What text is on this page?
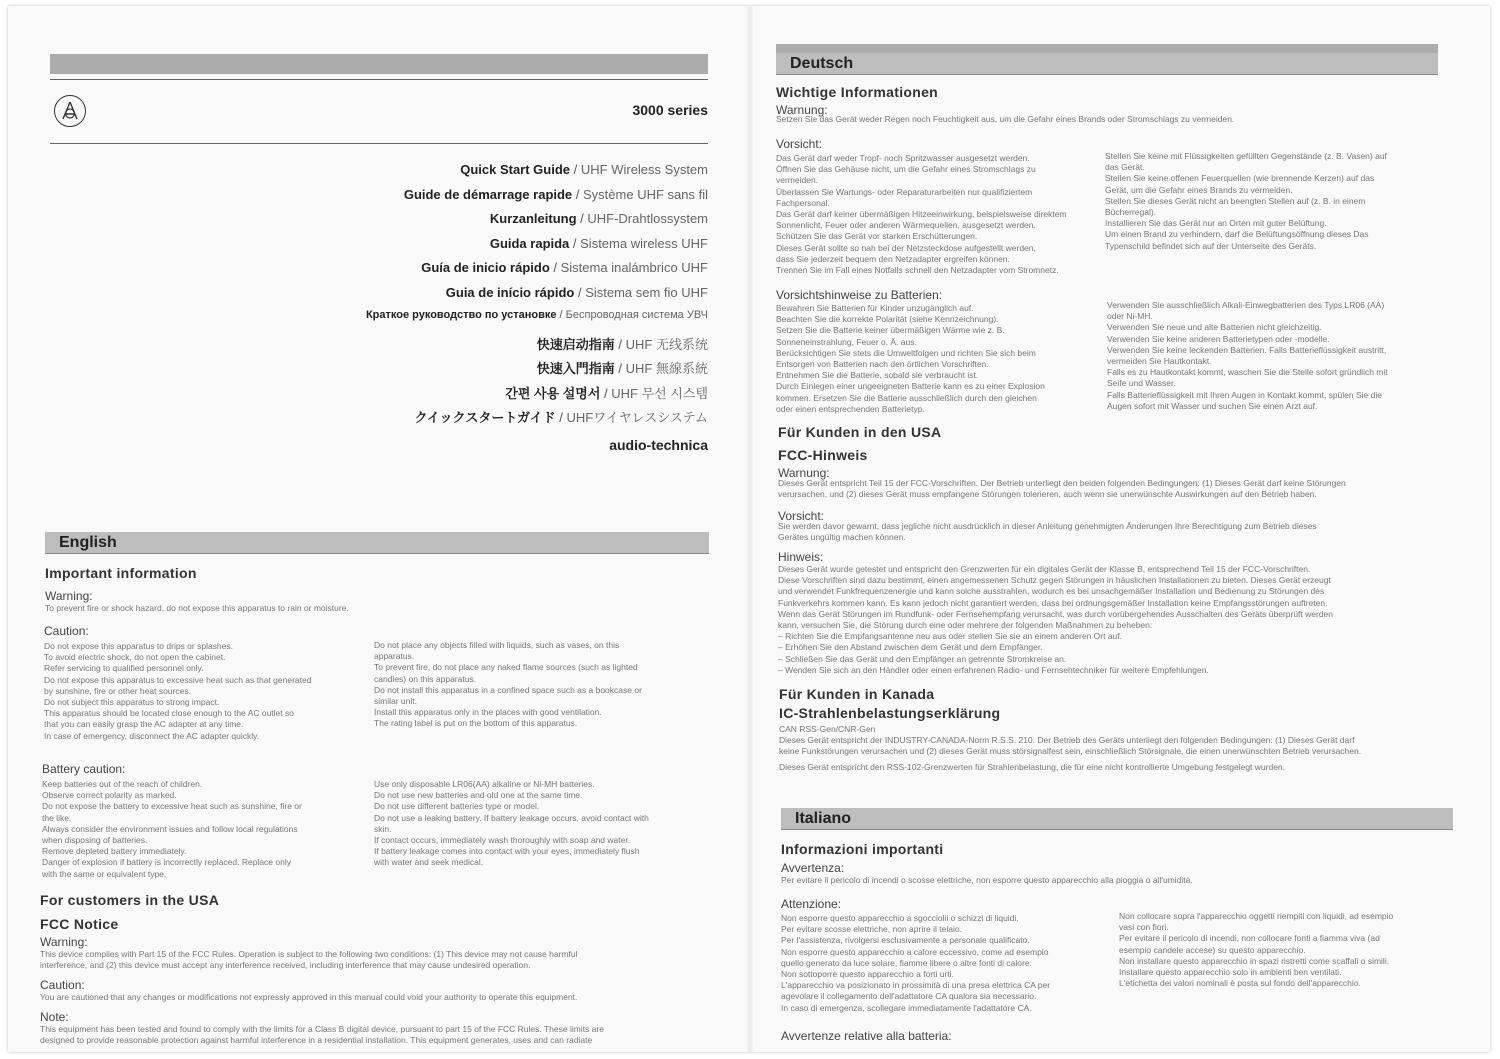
3000 series
Quick Start Guide / UHF Wireless System
Guide de démarrage rapide / Système UHF sans fil
Kurzanleitung / UHF-Drahtlossystem
Guida rapida / Sistema wireless UHF
Guía de inicio rápido / Sistema inalámbrico UHF
Guia de início rápido / Sistema sem fio UHF
Краткое руководство по установке / Беспроводная система УВЧ
快速启动指南 / UHF 无线系统
快速入門指南 / UHF 無線系統
간편 사용 설명서 / UHF 무선 시스템
クイックスタートガイド / UHFワイヤレスシステム
audio-technica
English
Important information
Warning:
To prevent fire or shock hazard, do not expose this apparatus to rain or moisture.
Caution:

Do not expose this apparatus to drips or splashes.

To avoid electric shock, do not open the cabinet.

Refer servicing to qualified personnel only.

Do not expose this apparatus to excessive heat such as that generated

by sunshine, fire or other heat sources.

Do not subject this apparatus to strong impact.

This apparatus should be located close enough to the AC outlet so

that you can easily grasp the AC adapter at any time.

In case of emergency, disconnect the AC adapter quickly.

Do not place any objects filled with liquids, such as vases, on this

apparatus.

To prevent fire, do not place any naked flame sources (such as lighted

candles) on this apparatus.

Do not install this apparatus in a confined space such as a bookcase or

similar unit.

Install this apparatus only in the places with good ventilation.

The rating label is put on the bottom of this apparatus.

Battery caution:

Keep batteries out of the reach of children.

Observe correct polarity as marked.

Do not expose the battery to excessive heat such as sunshine, fire or

the like.

Always consider the environment issues and follow local regulations

when disposing of batteries.

Remove depleted battery immediately.

Danger of explosion if battery is incorrectly replaced. Replace only

with the same or equivalent type.

Use only disposable LR06(AA) alkaline or Ni-MH batteries.

Do not use new batteries and old one at the same time.

Do not use different batteries type or model.

Do not use a leaking battery. If battery leakage occurs, avoid contact with

skin.

If contact occurs, immediately wash thoroughly with soap and water.

If battery leakage comes into contact with your eyes, immediately flush

with water and seek medical.

For customers in the USA
FCC Notice
Warning:

This device complies with Part 15 of the FCC Rules. Operation is subject to the following two conditions: (1) This device may not cause harmful

interference, and (2) this device must accept any interference received, including interference that may cause undesired operation.

Caution:
You are cautioned that any changes or modifications not expressly approved in this manual could void your authority to operate this equipment.
Note:

This equipment has been tested and found to comply with the limits for a Class B digital device, pursuant to part 15 of the FCC Rules. These limits are

designed to provide reasonable protection against harmful interference in a residential installation. This equipment generates, uses and can radiate

Deutsch
Wichtige Informationen
Warnung:
Setzen Sie das Gerät weder Regen noch Feuchtigkeit aus, um die Gefahr eines Brands oder Stromschlags zu vermeiden.
Vorsicht:

Das Gerät darf weder Tropf- noch Spritzwasser ausgesetzt werden.

Öffnen Sie das Gehäuse nicht, um die Gefahr eines Stromschlags zu

vermeiden.

Überlassen Sie Wartungs- oder Reparaturarbeiten nur qualifiziertem

Fachpersonal.

Das Gerät darf keiner übermäßigen Hitzeeinwirkung, beispielsweise direktem

Sonnenlicht, Feuer oder anderen Wärmequellen, ausgesetzt werden.

Schützen Sie das Gerät vor starken Erschütterungen.

Dieses Gerät sollte so nah bei der Netzsteckdose aufgestellt werden,

dass Sie jederzeit bequem den Netzadapter ergreifen können.

Trennen Sie im Fall eines Notfalls schnell den Netzadapter vom Stromnetz.

Stellen Sie keine mit Flüssigkeiten gefüllten Gegenstände (z. B. Vasen) auf

das Gerät.

Stellen Sie keine offenen Feuerquellen (wie brennende Kerzen) auf das

Gerät, um die Gefahr eines Brands zu vermeiden.

Stellen Sie dieses Gerät nicht an beengten Stellen auf (z. B. in einem

Bücherregal).

Installieren Sie das Gerät nur an Orten mit guter Belüftung.

Um einen Brand zu verhindern, darf die Belüftungsöffnung dieses Das

Typenschild befindet sich auf der Unterseite des Geräts.

Vorsichtshinweise zu Batterien:

Bewahren Sie Batterien für Kinder unzugänglich auf.

Beachten Sie die korrekte Polarität (siehe Kennzeichnung).

Setzen Sie die Batterie keiner übermäßigen Wärme wie z. B.

Sonneneinstrahlung, Feuer o. Ä. aus.

Berücksichtigen Sie stets die Umweltfolgen und richten Sie sich beim

Entsorgen von Batterien nach den örtlichen Vorschriften.

Entnehmen Sie die Batterie, sobald sie verbraucht ist.

Durch Einlegen einer ungeeigneten Batterie kann es zu einer Explosion

kommen. Ersetzen Sie die Batterie ausschließlich durch den gleichen

oder einen entsprechenden Batterietyp.

Verwenden Sie ausschließlich Alkali-Einwegbatterien des Typs LR06 (AA)

oder Ni-MH.

Verwenden Sie neue und alte Batterien nicht gleichzeitig.

Verwenden Sie keine anderen Batterietypen oder -modelle.

Verwenden Sie keine leckenden Batterien. Falls Batterieflüssigkeit austritt,

vermeiden Sie Hautkontakt.

Falls es zu Hautkontakt kommt, waschen Sie die Stelle sofort gründlich mit

Seife und Wasser.

Falls Batterieflüssigkeit mit Ihren Augen in Kontakt kommt, spülen Sie die

Augen sofort mit Wasser und suchen Sie einen Arzt auf.

Für Kunden in den USA
FCC-Hinweis
Warnung:

Dieses Gerät entspricht Teil 15 der FCC-Vorschriften. Der Betrieb unterliegt den beiden folgenden Bedingungen: (1) Dieses Gerät darf keine Störungen

verursachen, und (2) dieses Gerät muss empfangene Störungen tolerieren, auch wenn sie unerwünschte Auswirkungen auf den Betrieb haben.

Vorsicht:

Sie werden davor gewarnt, dass jegliche nicht ausdrücklich in dieser Anleitung genehmigten Änderungen Ihre Berechtigung zum Betrieb dieses

Gerätes ungültig machen können.

Hinweis:

Dieses Gerät wurde getestet und entspricht den Grenzwerten für ein digitales Gerät der Klasse B, entsprechend Teil 15 der FCC-Vorschriften.

Diese Vorschriften sind dazu bestimmt, einen angemessenen Schutz gegen Störungen in häuslichen Installationen zu bieten. Dieses Gerät erzeugt

und verwendet Funkfrequenzenergie und kann solche ausstrahlen, wodurch es bei unsachgemäßer Installation und Bedienung zu Störungen des

Funkverkehrs kommen kann. Es kann jedoch nicht garantiert werden, dass bei ordnungsgemäßer Installation keine Empfangsstörungen auftreten.

Wenn das Gerät Störungen im Rundfunk- oder Fernsehempfang verursacht, was durch vorübergehendes Ausschalten des Geräts überprüft werden

kann, versuchen Sie, die Störung durch eine oder mehrere der folgenden Maßnahmen zu beheben:

– Richten Sie die Empfangsantenne neu aus oder stellen Sie sie an einem anderen Ort auf.

– Erhöhen Sie den Abstand zwischen dem Gerät und dem Empfänger.

– Schließen Sie das Gerät und den Empfänger an getrennte Stromkreise an.

– Wenden Sie sich an den Händler oder einen erfahrenen Radio- und Fernsehtechniker für weitere Empfehlungen.

Für Kunden in Kanada
IC-Strahlenbelastungserklärung

CAN RSS-Gen/CNR-Gen

Dieses Gerät entspricht der INDUSTRY-CANADA-Norm R.S.S. 210. Der Betrieb des Geräts unterliegt den folgenden Bedingungen: (1) Dieses Gerät darf

keine Funkstörungen verursachen und (2) dieses Gerät muss störsignalfest sein, einschließlich Störsignale, die einen unerwünschten Betrieb verursachen.

Dieses Gerät entspricht den RSS-102-Grenzwerten für Strahlenbelastung, die für eine nicht kontrollierte Umgebung festgelegt wurden.
Italiano
Informazioni importanti
Avvertenza:
Per evitare il pericolo di incendi o scosse elettriche, non esporre questo apparecchio alla pioggia o all'umidità.
Attenzione:

Non esporre questo apparecchio a sgocciolii o schizzi di liquidi.

Per evitare scosse elettriche, non aprire il telaio.

Per l'assistenza, rivolgersi esclusivamente a personale qualificato.

Non esporre questo apparecchio a calore eccessivo, come ad esempio

quello generato da luce solare, fiamme libere o altre fonti di calore.

Non sottoporre questo apparecchio a forti urti.

L'apparecchio va posizionato in prossimità di una presa elettrica CA per

agevolare il collegamento dell'adattatore CA qualora sia necessario.

In caso di emergenza, scollegare immediatamente l'adattatore CA.

Non collocare sopra l'apparecchio oggetti riempiti con liquidi, ad esempio

vasi con fiori.

Per evitare il pericolo di incendi, non collocare fonti a fiamma viva (ad

esempio candele accese) su questo apparecchio.

Non installare questo apparecchio in spazi ristretti come scaffali o simili.

Installare questo apparecchio solo in ambienti ben ventilati.

L'etichetta dei valori nominali è posta sul fondo dell'apparecchio.

Avvertenze relative alla batteria:
